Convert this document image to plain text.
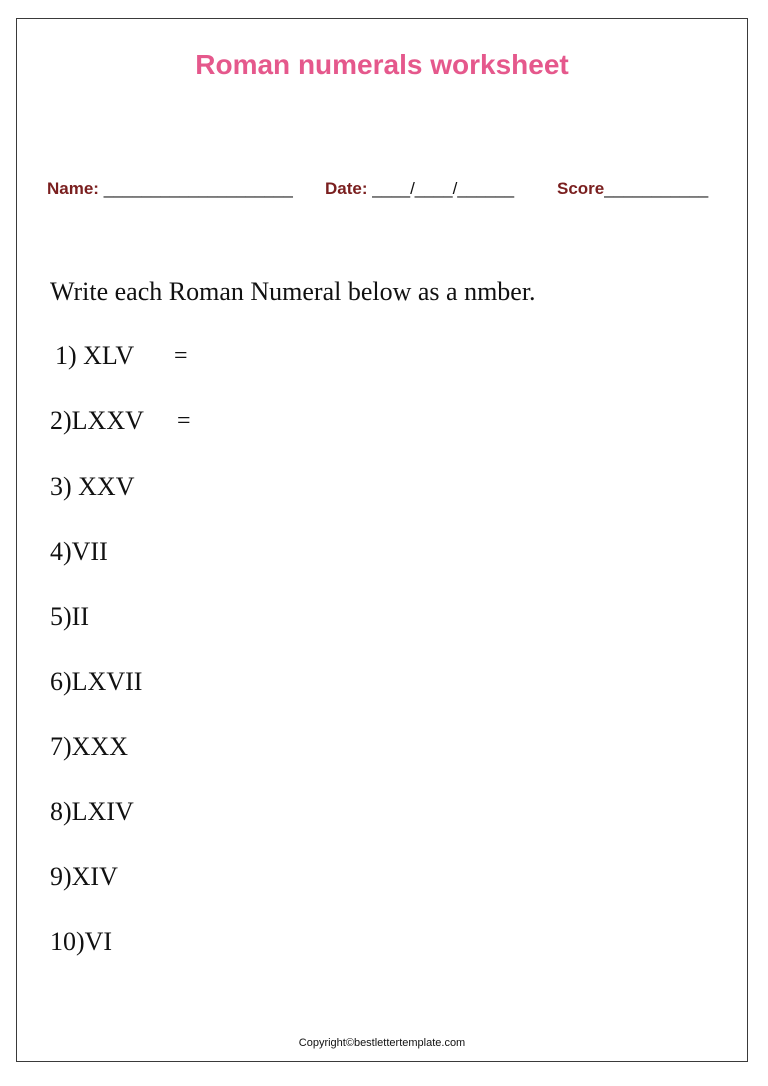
Roman numerals worksheet
Name: ____________________ Date: ____/____/______	Score___________

Write each Roman Numeral below as a nmber.

1) XLV =
2)LXXV =
3) XXV
4)VII
5)II
6)LXVII
7)XXX
8)LXIV
9)XIV
10)VI
Copyright©bestlettertemplate.com
